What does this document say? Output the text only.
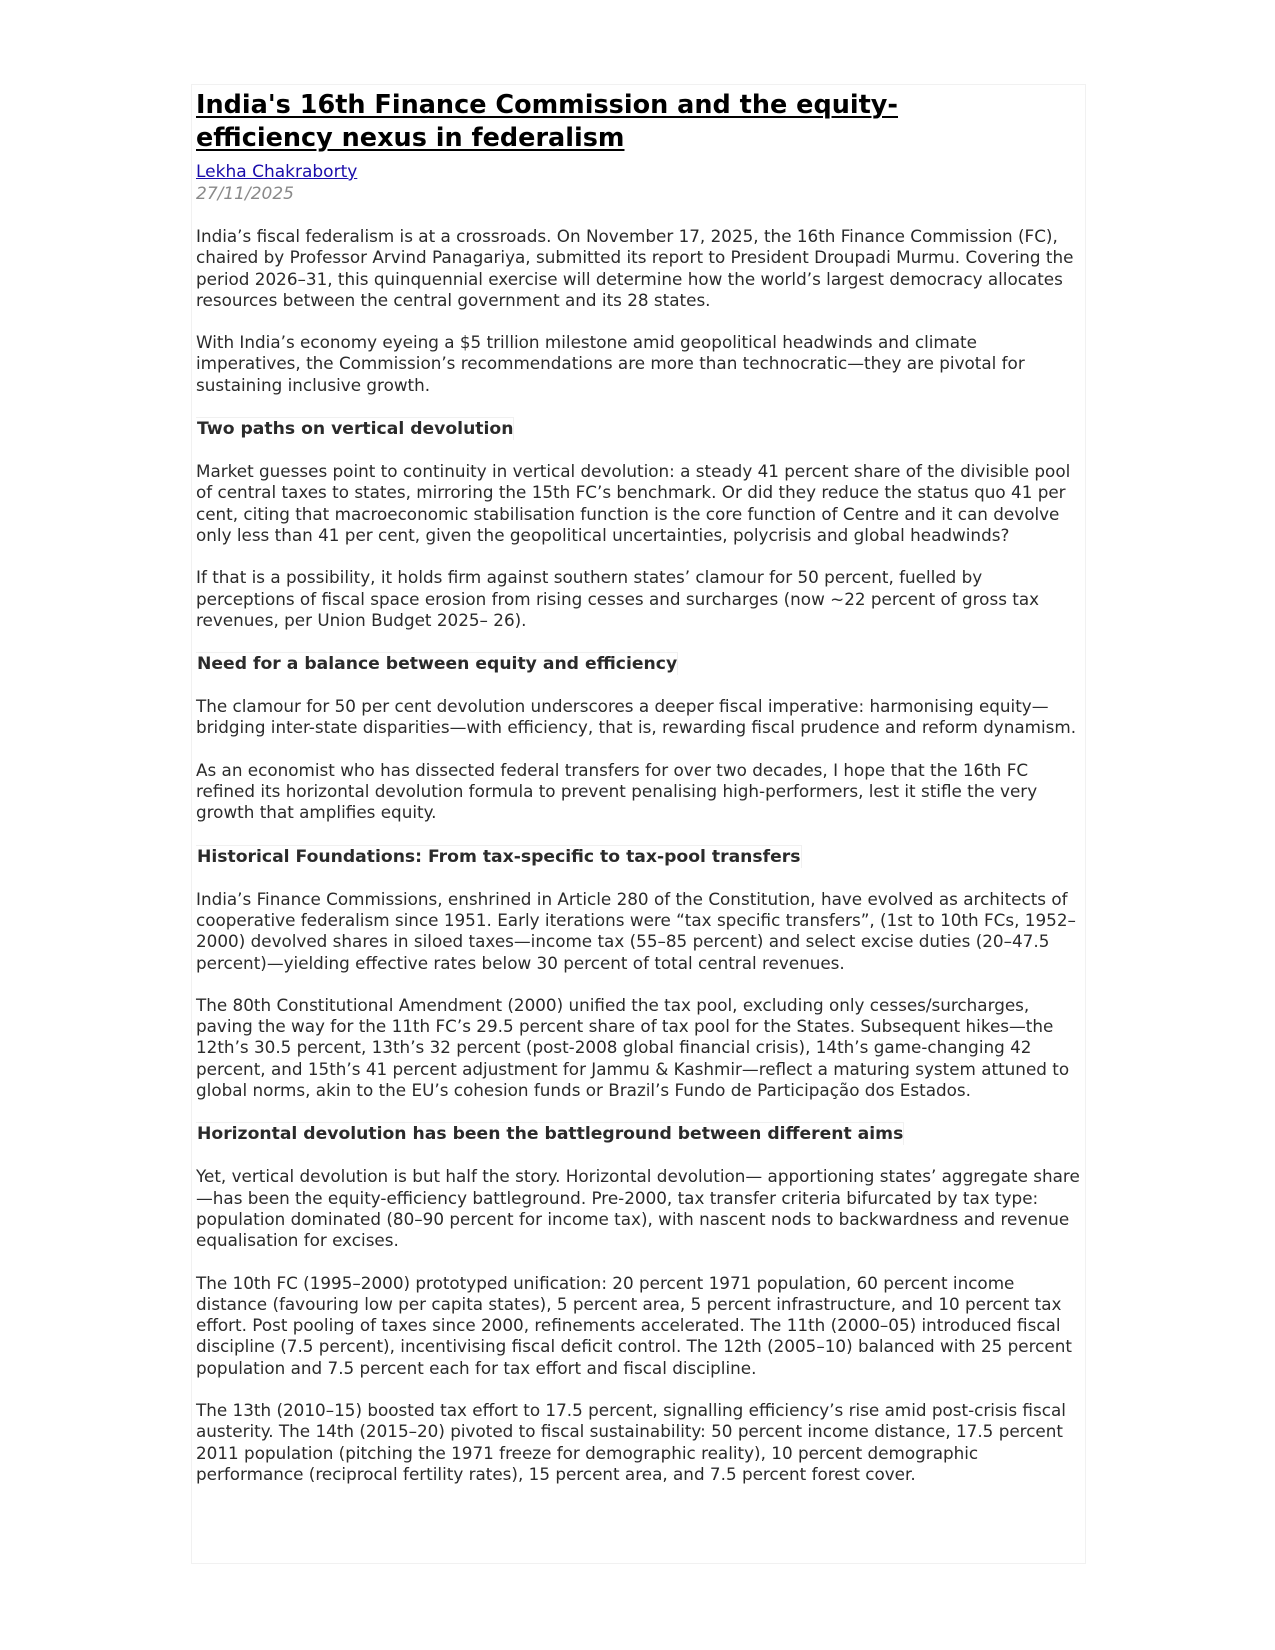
India's 16th Finance Commission and the equity-efficiency nexus in federalism
Lekha Chakraborty
27/11/2025
India’s fiscal federalism is at a crossroads. On November 17, 2025, the 16th Finance Commission (FC), chaired by Professor Arvind Panagariya, submitted its report to President Droupadi Murmu. Covering the period 2026–31, this quinquennial exercise will determine how the world’s largest democracy allocates resources between the central government and its 28 states.
With India’s economy eyeing a $5 trillion milestone amid geopolitical headwinds and climate imperatives, the Commission’s recommendations are more than technocratic—they are pivotal for sustaining inclusive growth.
Two paths on vertical devolution
Market guesses point to continuity in vertical devolution: a steady 41 percent share of the divisible pool of central taxes to states, mirroring the 15th FC’s benchmark. Or did they reduce the status quo 41 per cent, citing that macroeconomic stabilisation function is the core function of Centre and it can devolve only less than 41 per cent, given the geopolitical uncertainties, polycrisis and global headwinds?
If that is a possibility, it holds firm against southern states’ clamour for 50 percent, fuelled by perceptions of fiscal space erosion from rising cesses and surcharges (now ~22 percent of gross tax revenues, per Union Budget 2025– 26).
Need for a balance between equity and efficiency
The clamour for 50 per cent devolution underscores a deeper fiscal imperative: harmonising equity—bridging inter-state disparities—with efficiency, that is, rewarding fiscal prudence and reform dynamism.
As an economist who has dissected federal transfers for over two decades, I hope that the 16th FC refined its horizontal devolution formula to prevent penalising high-performers, lest it stifle the very growth that amplifies equity.
Historical Foundations: From tax-specific to tax-pool transfers
India’s Finance Commissions, enshrined in Article 280 of the Constitution, have evolved as architects of cooperative federalism since 1951. Early iterations were “tax specific transfers”, (1st to 10th FCs, 1952–2000) devolved shares in siloed taxes—income tax (55–85 percent) and select excise duties (20–47.5 percent)—yielding effective rates below 30 percent of total central revenues.
The 80th Constitutional Amendment (2000) unified the tax pool, excluding only cesses/surcharges, paving the way for the 11th FC’s 29.5 percent share of tax pool for the States. Subsequent hikes—the 12th’s 30.5 percent, 13th’s 32 percent (post-2008 global financial crisis), 14th’s game-changing 42 percent, and 15th’s 41 percent adjustment for Jammu & Kashmir—reflect a maturing system attuned to global norms, akin to the EU’s cohesion funds or Brazil’s Fundo de Participação dos Estados.
Horizontal devolution has been the battleground between different aims
Yet, vertical devolution is but half the story. Horizontal devolution— apportioning states’ aggregate share—has been the equity-efficiency battleground. Pre-2000, tax transfer criteria bifurcated by tax type: population dominated (80–90 percent for income tax), with nascent nods to backwardness and revenue equalisation for excises.
The 10th FC (1995–2000) prototyped unification: 20 percent 1971 population, 60 percent income distance (favouring low per capita states), 5 percent area, 5 percent infrastructure, and 10 percent tax effort. Post pooling of taxes since 2000, refinements accelerated. The 11th (2000–05) introduced fiscal discipline (7.5 percent), incentivising fiscal deficit control. The 12th (2005–10) balanced with 25 percent population and 7.5 percent each for tax effort and fiscal discipline.
The 13th (2010–15) boosted tax effort to 17.5 percent, signalling efficiency’s rise amid post-crisis fiscal austerity. The 14th (2015–20) pivoted to fiscal sustainability: 50 percent income distance, 17.5 percent 2011 population (pitching the 1971 freeze for demographic reality), 10 percent demographic performance (reciprocal fertility rates), 15 percent area, and 7.5 percent forest cover.
